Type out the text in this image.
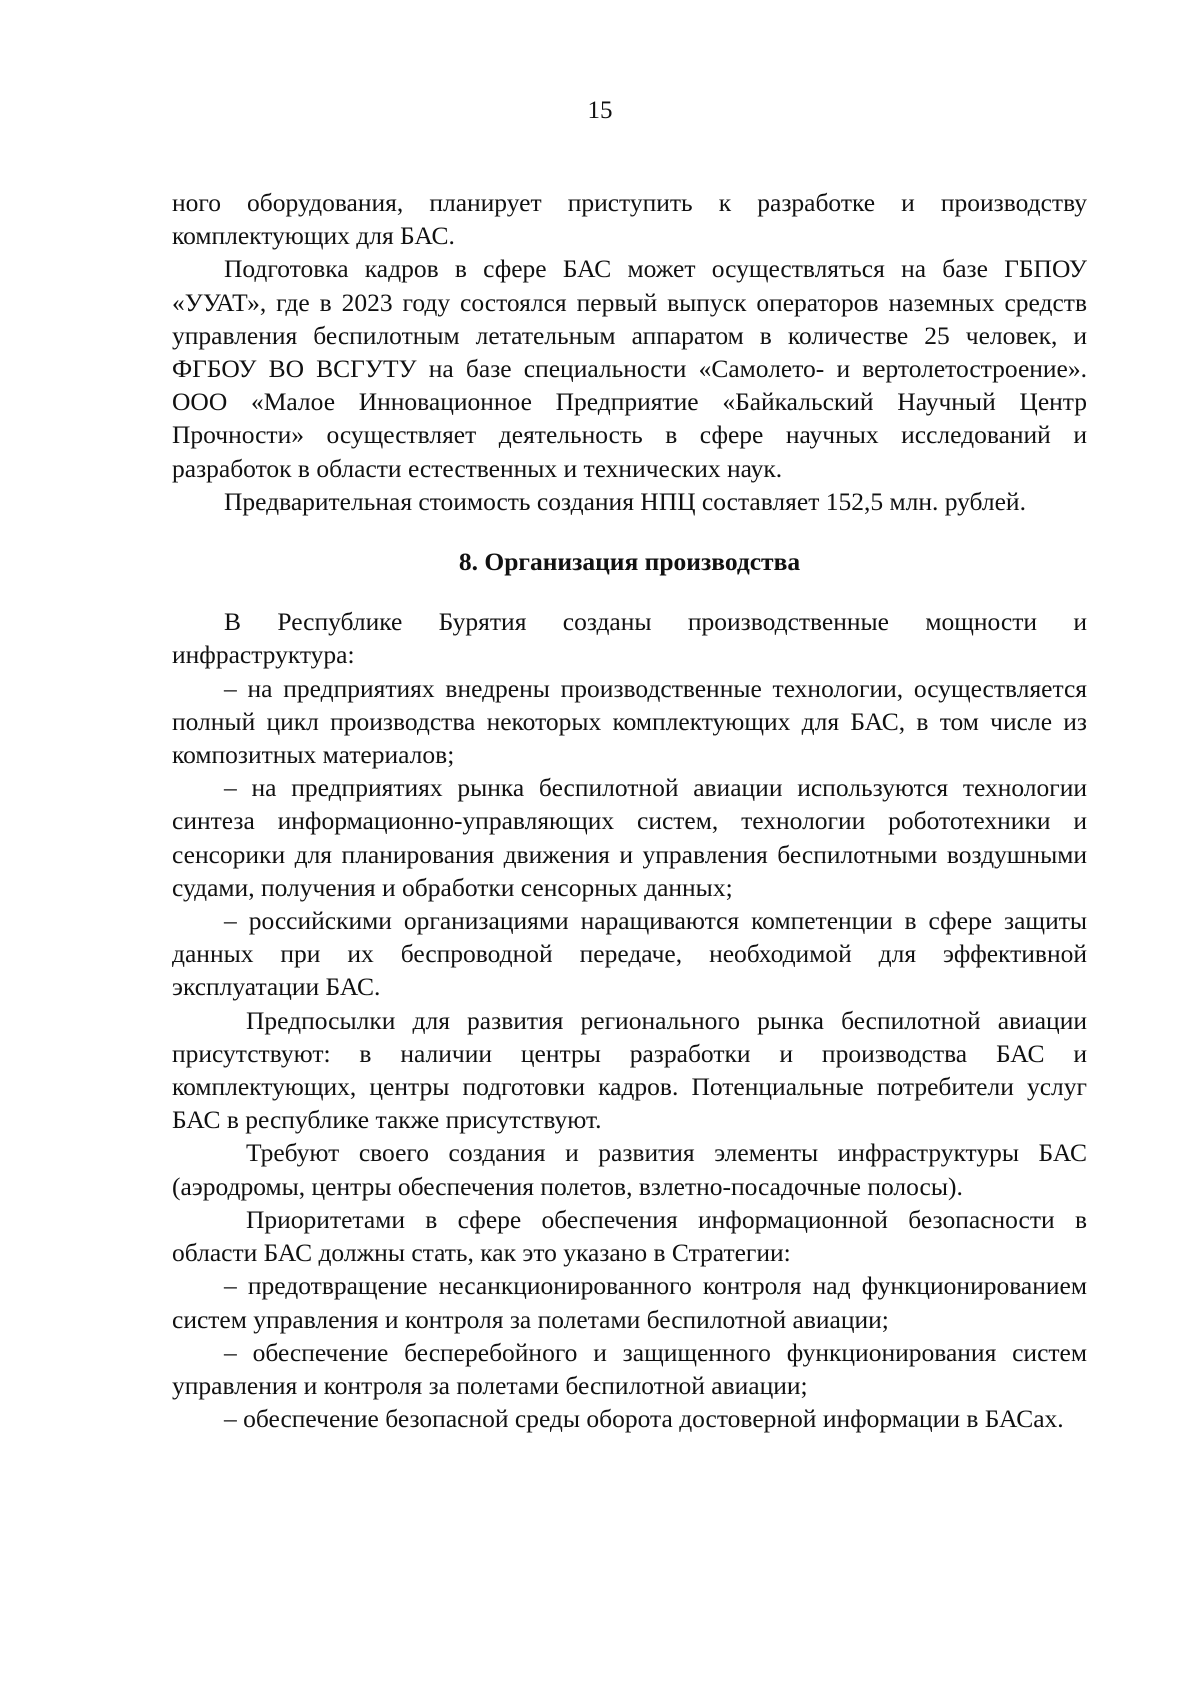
15

ного оборудования, планирует приступить к разработке и производству комплектующих для БАС.

Подготовка кадров в сфере БАС может осуществляться на базе ГБПОУ «УУАТ», где в 2023 году состоялся первый выпуск операторов наземных средств управления беспилотным летательным аппаратом в количестве 25 человек, и ФГБОУ ВО ВСГУТУ на базе специальности «Самолето- и вертолетостроение». ООО «Малое Инновационное Предприятие «Байкальский Научный Центр Прочности» осуществляет деятельность в сфере научных исследований и разработок в области естественных и технических наук.

Предварительная стоимость создания НПЦ составляет 152,5 млн. рублей.

8. Организация производства

В Республике Бурятия созданы производственные мощности и инфраструктура:

– на предприятиях внедрены производственные технологии, осуществляется полный цикл производства некоторых комплектующих для БАС, в том числе из композитных материалов;

– на предприятиях рынка беспилотной авиации используются технологии синтеза информационно-управляющих систем, технологии робототехники и сенсорики для планирования движения и управления беспилотными воздушными судами, получения и обработки сенсорных данных;

– российскими организациями наращиваются компетенции в сфере защиты данных при их беспроводной передаче, необходимой для эффективной эксплуатации БАС.

Предпосылки для развития регионального рынка беспилотной авиации присутствуют: в наличии центры разработки и производства БАС и комплектующих, центры подготовки кадров. Потенциальные потребители услуг БАС в республике также присутствуют.

Требуют своего создания и развития элементы инфраструктуры БАС (аэродромы, центры обеспечения полетов, взлетно-посадочные полосы).

Приоритетами в сфере обеспечения информационной безопасности в области БАС должны стать, как это указано в Стратегии:

– предотвращение несанкционированного контроля над функционированием систем управления и контроля за полетами беспилотной авиации;

– обеспечение бесперебойного и защищенного функционирования систем управления и контроля за полетами беспилотной авиации;

– обеспечение безопасной среды оборота достоверной информации в БАСах.
